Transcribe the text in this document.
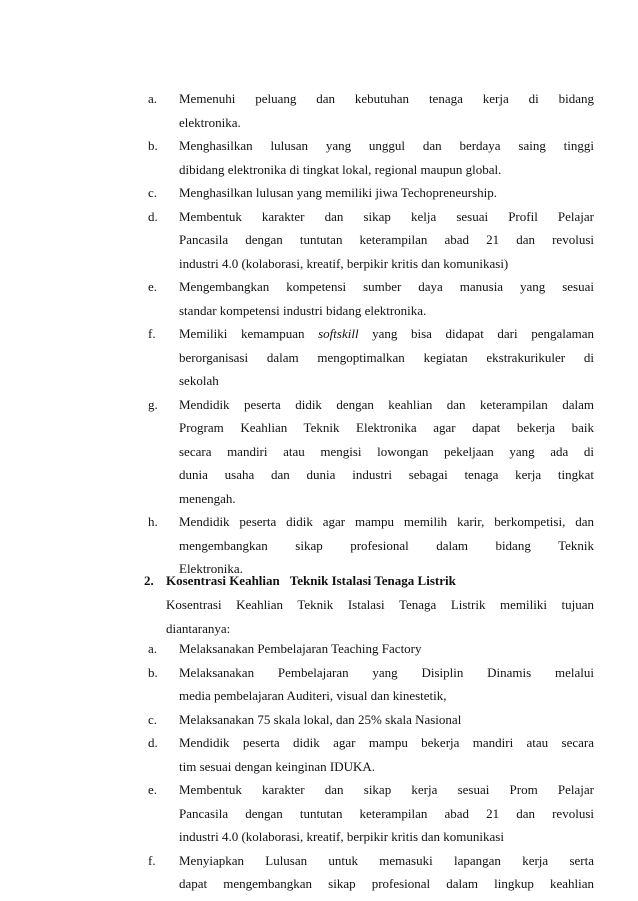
a. Memenuhi peluang dan kebutuhan tenaga kerja di bidang
elektronika.
b. Menghasilkan lulusan yang unggul dan berdaya saing tinggi
dibidang elektronika di tingkat lokal, regional maupun global.
c. Menghasilkan lulusan yang memiliki jiwa Techopreneurship.
d. Membentuk karakter dan sikap kelja sesuai Profil Pelajar
Pancasila dengan tuntutan keterampilan abad 21 dan revolusi
industri 4.0 (kolaborasi, kreatif, berpikir kritis dan komunikasi)
e. Mengembangkan kompetensi sumber daya manusia yang sesuai
standar kompetensi industri bidang elektronika.
f. Memiliki kemampuan softskill yang bisa didapat dari pengalaman
berorganisasi dalam mengoptimalkan kegiatan ekstrakurikuler di
sekolah
g. Mendidik peserta didik dengan keahlian dan keterampilan dalam
Program Keahlian Teknik Elektronika agar dapat bekerja baik
secara mandiri atau mengisi lowongan pekeljaan yang ada di
dunia usaha dan dunia industri sebagai tenaga kerja tingkat
menengah.
h. Mendidik peserta didik agar mampu memilih karir, berkompetisi, dan
mengembangkan sikap profesional dalam bidang Teknik
Elektronika.
2. Kosentrasi Keahlian Teknik Istalasi Tenaga Listrik
Kosentrasi Keahlian Teknik Istalasi Tenaga Listrik memiliki tujuan
diantaranya:
a. Melaksanakan Pembelajaran Teaching Factory
b. Melaksanakan Pembelajaran yang Disiplin Dinamis melalui
media pembelajaran Auditeri, visual dan kinestetik,
c. Melaksanakan 75 skala lokal, dan 25% skala Nasional
d. Mendidik peserta didik agar mampu bekerja mandiri atau secara
tim sesuai dengan keinginan IDUKA.
e. Membentuk karakter dan sikap kerja sesuai Prom Pelajar
Pancasila dengan tuntutan keterampilan abad 21 dan revolusi
industri 4.0 (kolaborasi, kreatif, berpikir kritis dan komunikasi
f. Menyiapkan Lulusan untuk memasuki lapangan kerja serta
dapat mengembangkan sikap profesional dalam lingkup keahlian
